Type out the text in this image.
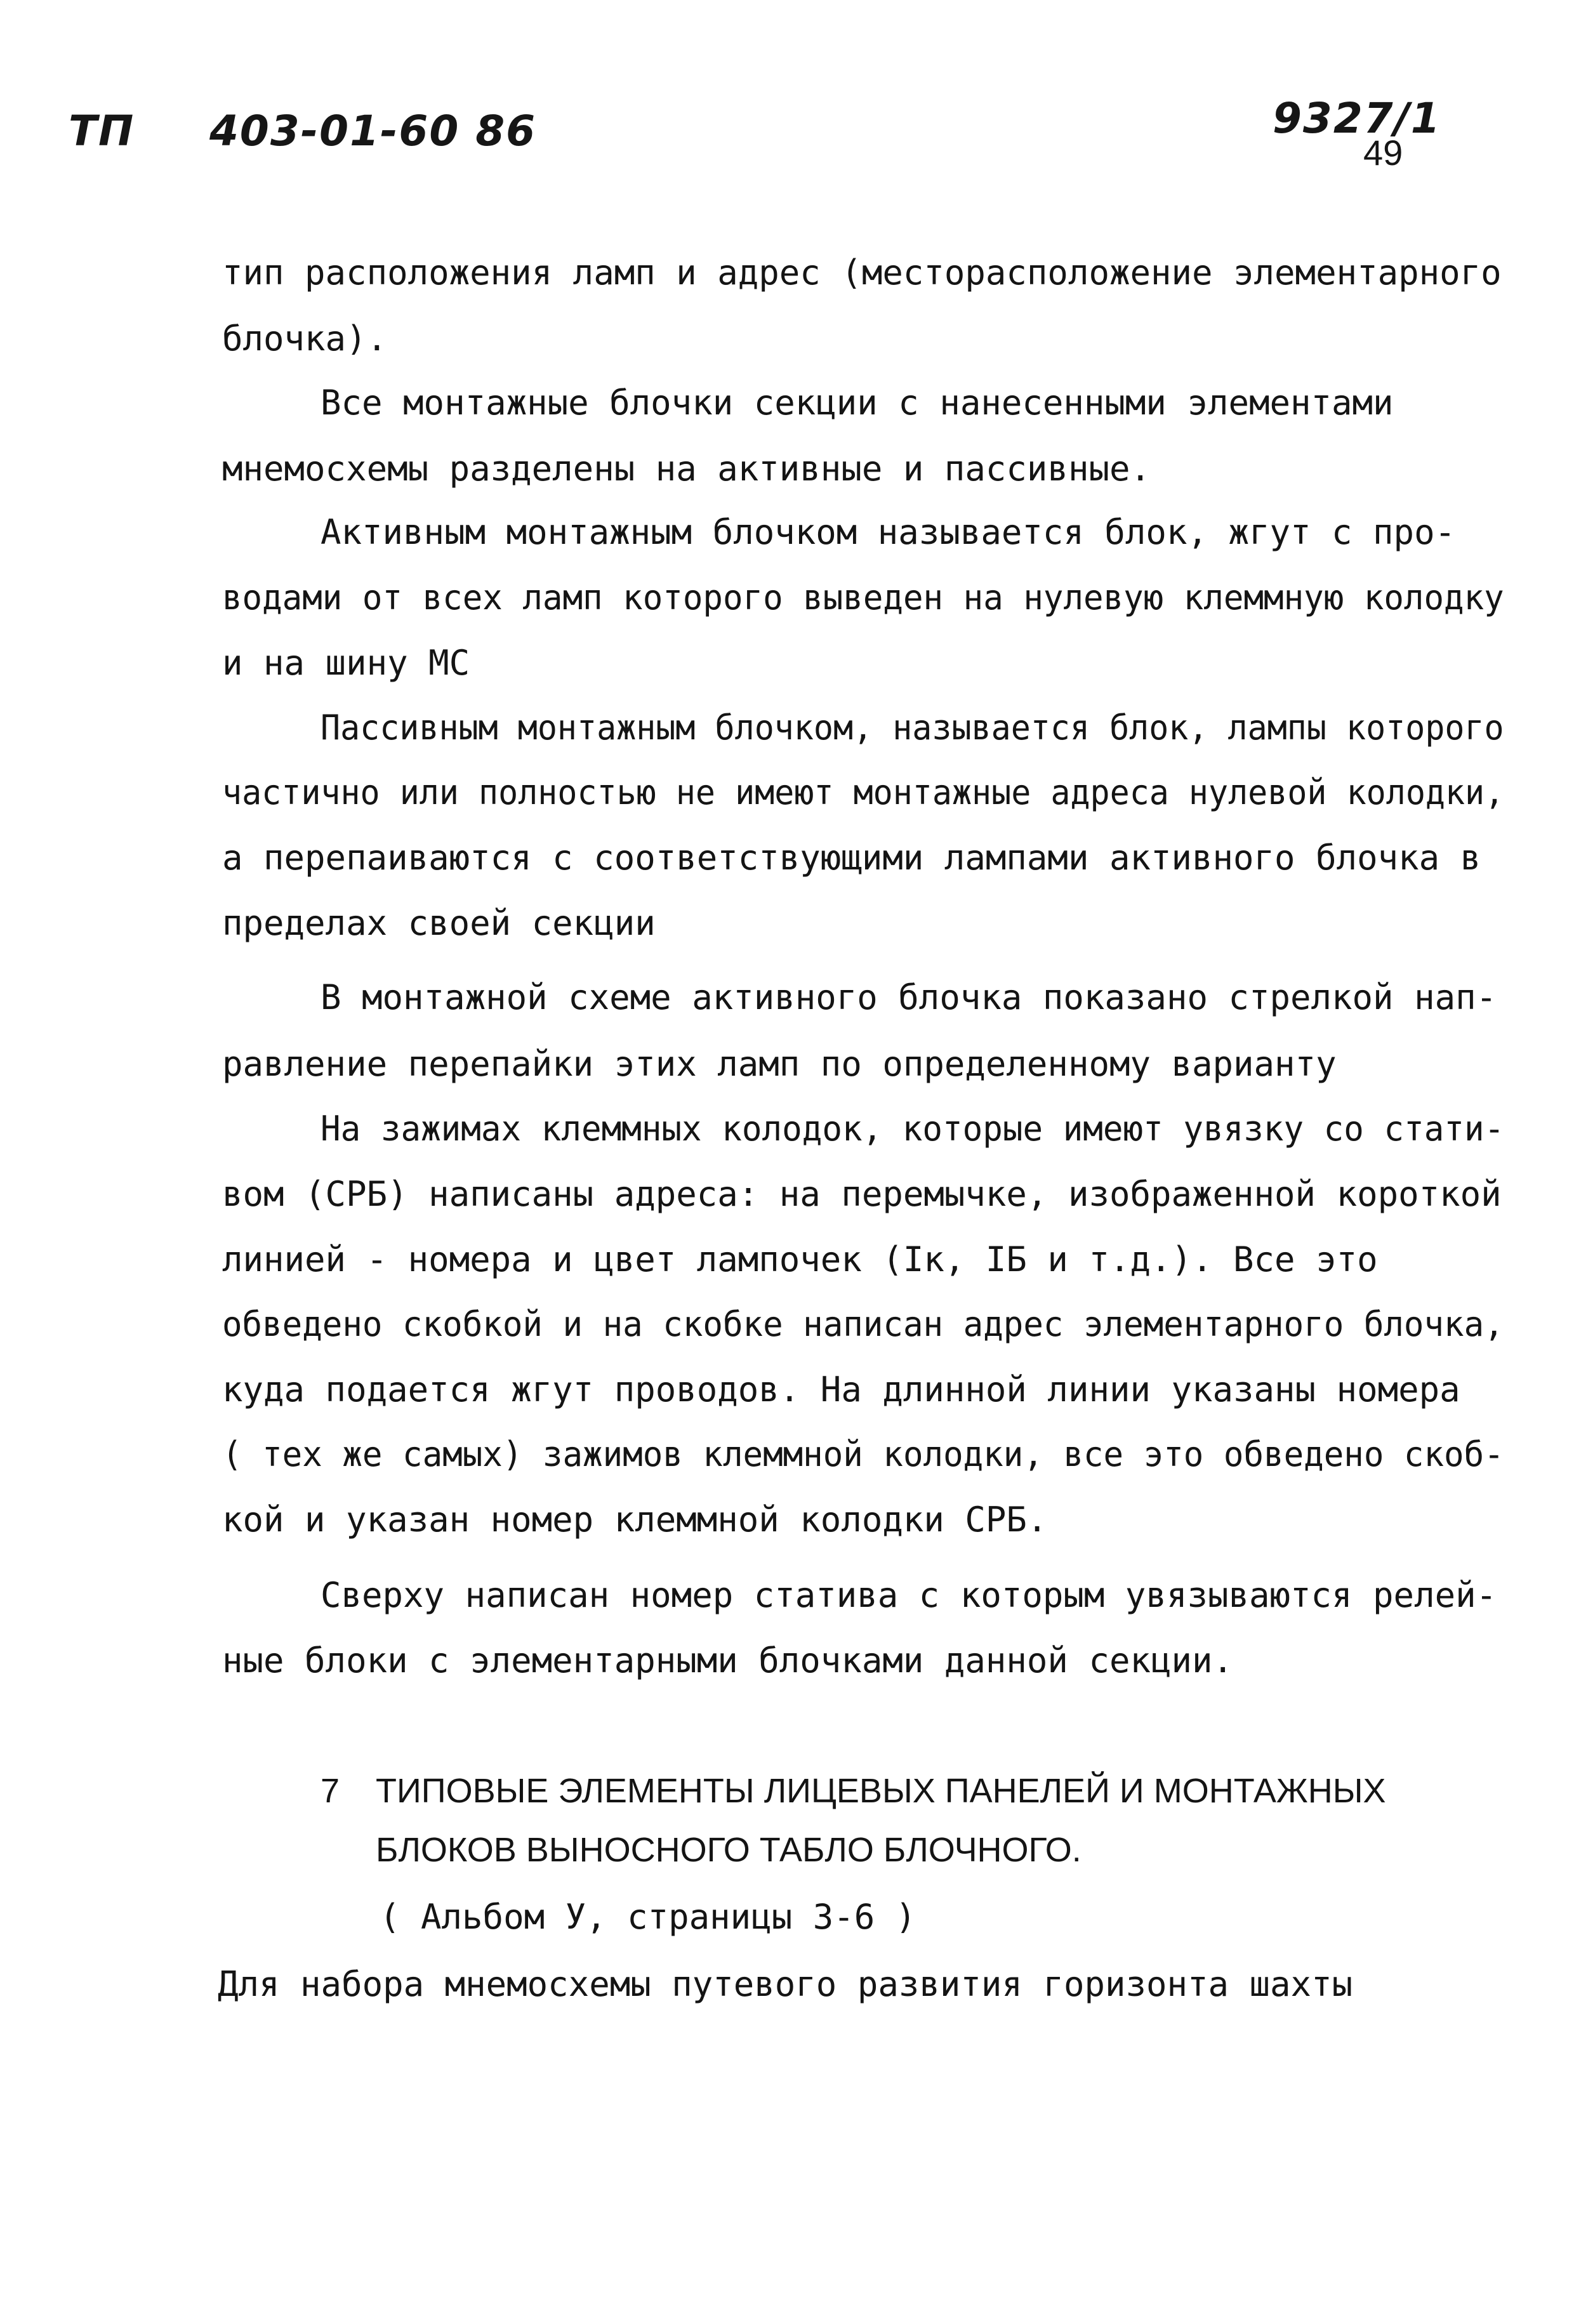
ТП 403-01-60 86	9327/1
49
тип расположения ламп и адрес (месторасположение элементарного
блочка).
Все монтажные блочки секции с нанесенными элементами
мнемосхемы разделены на активные и пассивные.
Активным монтажным блочком называется блок, жгут с про-
водами от всех ламп которого выведен на нулевую клеммную колодку
и на шину МС
Пассивным монтажным блочком, называется блок, лампы которого
частично или полностью не имеют монтажные адреса нулевой колодки,
а перепаиваются с соответствующими лампами активного блочка в
пределах своей секции
В монтажной схеме активного блочка показано стрелкой нап-
равление перепайки этих ламп по определенному варианту
На зажимах клеммных колодок, которые имеют увязку со стати-
вом (СРБ) написаны адреса: на перемычке, изображенной короткой
линией - номера и цвет лампочек (Iк, IБ и т.д.). Все это
обведено скобкой и на скобке написан адрес элементарного блочка,
куда подается жгут проводов. На длинной линии указаны номера
( тех же самых) зажимов клеммной колодки, все это обведено скоб-
кой и указан номер клеммной колодки СРБ.
Сверху написан номер статива с которым увязываются релей-
ные блоки с элементарными блочками данной секции.
7 ТИПОВЫЕ ЭЛЕМЕНТЫ ЛИЦЕВЫХ ПАНЕЛЕЙ И МОНТАЖНЫХ
БЛОКОВ ВЫНОСНОГО ТАБЛО БЛОЧНОГО.
( Альбом У, страницы 3-6 )
Для набора мнемосхемы путевого развития горизонта шахты
